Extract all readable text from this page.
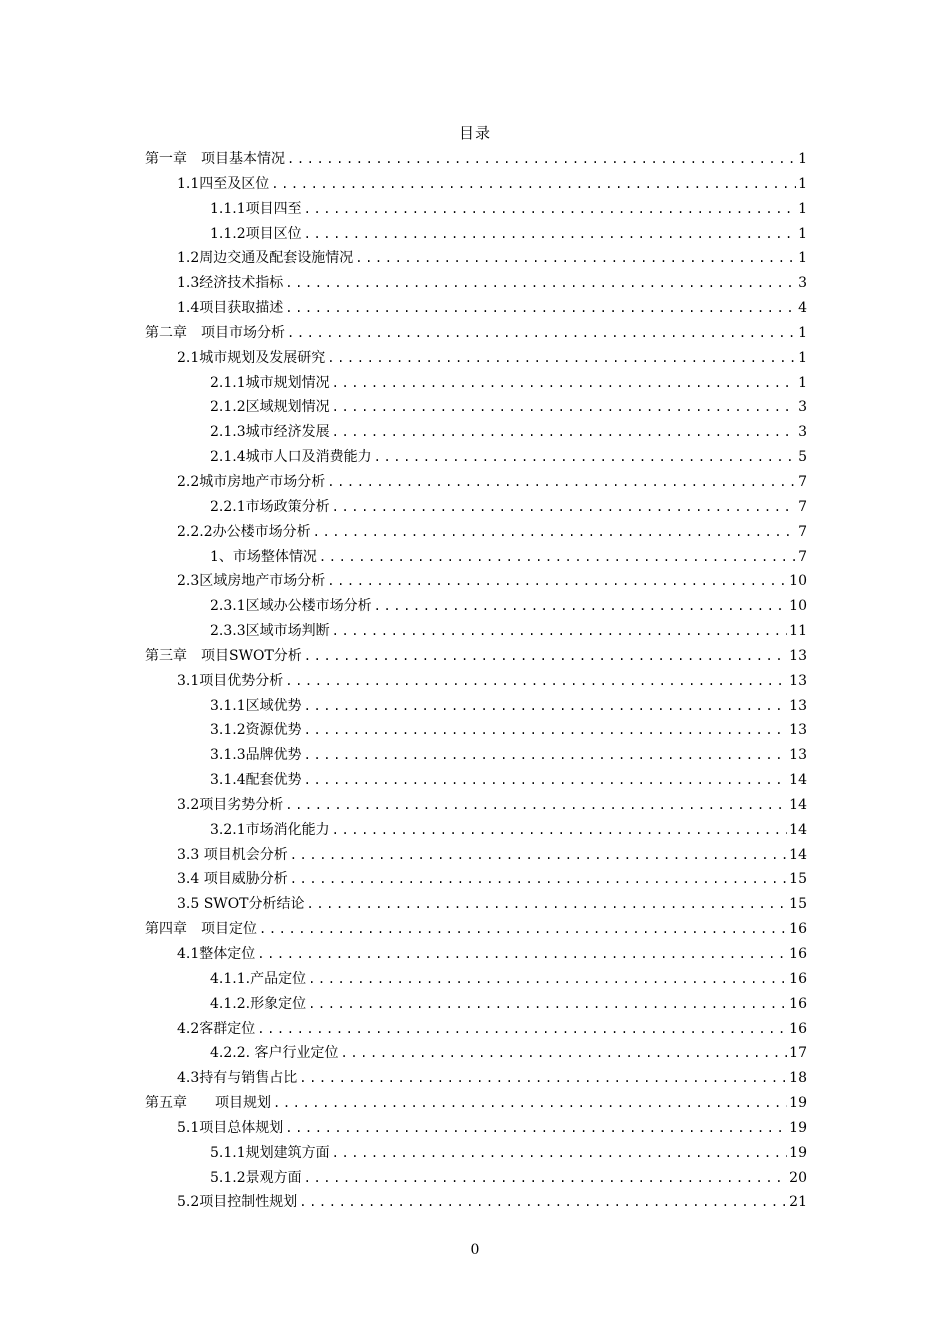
目录
第一章　项目基本情况 .....	1
1.1四至及区位 .....	1
1.1.1项目四至 .....	1
1.1.2项目区位 .....	1
1.2周边交通及配套设施情况 .....	1
1.3经济技术指标 .....	3
1.4项目获取描述 .....	4
第二章　项目市场分析 .....	1
2.1城市规划及发展研究 .....	1
2.1.1城市规划情况 .....	1
2.1.2区域规划情况 .....	3
2.1.3城市经济发展 .....	3
2.1.4城市人口及消费能力 .....	5
2.2城市房地产市场分析 .....	7
2.2.1市场政策分析 .....	7
2.2.2办公楼市场分析 .....	7
1、市场整体情况 .....	7
2.3区域房地产市场分析 .....	10
2.3.1区域办公楼市场分析 .....	10
2.3.3区域市场判断 .....	11
第三章　项目SWOT分析 .....	13
3.1项目优势分析 .....	13
3.1.1区域优势 .....	13
3.1.2资源优势 .....	13
3.1.3品牌优势 .....	13
3.1.4配套优势 .....	14
3.2项目劣势分析 .....	14
3.2.1市场消化能力 .....	14
3.3 项目机会分析 .....	14
3.4 项目威胁分析 .....	15
3.5 SWOT分析结论 .....	15
第四章　项目定位 .....	16
4.1整体定位 .....	16
4.1.1.产品定位 .....	16
4.1.2.形象定位 .....	16
4.2客群定位 .....	16
4.2.2. 客户行业定位 .....	17
4.3持有与销售占比 .....	18
第五章　　项目规划 .....	19
5.1项目总体规划 .....	19
5.1.1规划建筑方面 .....	19
5.1.2景观方面 .....	20
5.2项目控制性规划 .....	21
0
